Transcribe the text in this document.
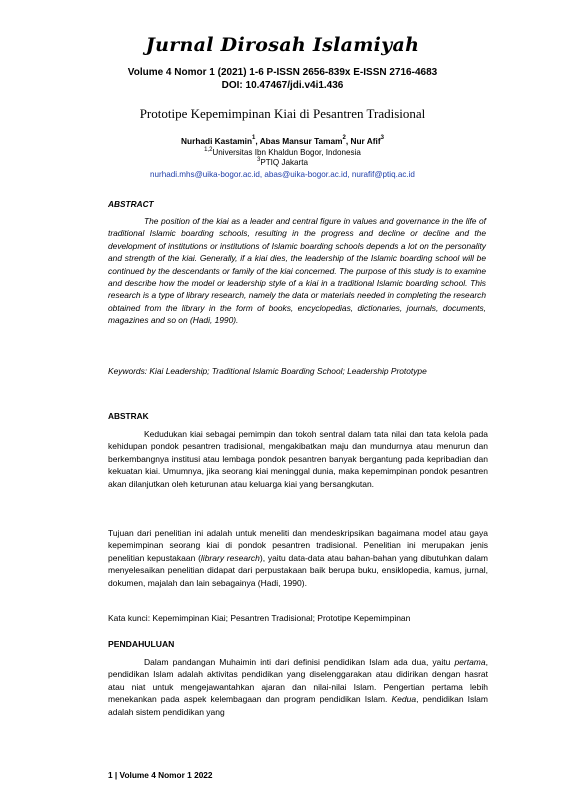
Jurnal Dirosah Islamiyah
Volume 4 Nomor 1 (2021) 1-6 P-ISSN 2656-839x E-ISSN 2716-4683
DOI: 10.47467/jdi.v4i1.436
Prototipe Kepemimpinan Kiai di Pesantren Tradisional
Nurhadi Kastamin$^1$, Abas Mansur Tamam$^2$, Nur Afif$^3$
$^{1,2}$Universitas Ibn Khaldun Bogor, Indonesia
$^3$PTIQ Jakarta
nurhadi.mhs@uika-bogor.ac.id, abas@uika-bogor.ac.id, nurafif@ptiq.ac.id
ABSTRACT
The position of the kiai as a leader and central figure in values and governance in the life of traditional Islamic boarding schools, resulting in the progress and decline or decline and the development of institutions or institutions of Islamic boarding schools depends a lot on the personality and strength of the kiai. Generally, if a kiai dies, the leadership of the Islamic boarding school will be continued by the descendants or family of the kiai concerned. The purpose of this study is to examine and describe how the model or leadership style of a kiai in a traditional Islamic boarding school. This research is a type of library research, namely the data or materials needed in completing the research obtained from the library in the form of books, encyclopedias, dictionaries, journals, documents, magazines and so on (Hadi, 1990).
Keywords: Kiai Leadership; Traditional Islamic Boarding School; Leadership Prototype
ABSTRAK
Kedudukan kiai sebagai pemimpin dan tokoh sentral dalam tata nilai dan tata kelola pada kehidupan pondok pesantren tradisional, mengakibatkan maju dan mundurnya atau menurun dan berkembangnya institusi atau lembaga pondok pesantren banyak bergantung pada kepribadian dan kekuatan kiai. Umumnya, jika seorang kiai meninggal dunia, maka kepemimpinan pondok pesantren akan dilanjutkan oleh keturunan atau keluarga kiai yang bersangkutan.
Tujuan dari penelitian ini adalah untuk meneliti dan mendeskripsikan bagaimana model atau gaya kepemimpinan seorang kiai di pondok pesantren tradisional. Penelitian ini merupakan jenis penelitian kepustakaan (library research), yaitu data-data atau bahan-bahan yang dibutuhkan dalam menyelesaikan penelitian didapat dari perpustakaan baik berupa buku, ensiklopedia, kamus, jurnal, dokumen, majalah dan lain sebagainya (Hadi, 1990).
Kata kunci: Kepemimpinan Kiai; Pesantren Tradisional; Prototipe Kepemimpinan
PENDAHULUAN
Dalam pandangan Muhaimin inti dari definisi pendidikan Islam ada dua, yaitu pertama, pendidikan Islam adalah aktivitas pendidikan yang diselenggarakan atau didirikan dengan hasrat atau niat untuk mengejawantahkan ajaran dan nilai-nilai Islam. Pengertian pertama lebih menekankan pada aspek kelembagaan dan program pendidikan Islam. Kedua, pendidikan Islam adalah sistem pendidikan yang
1 | Volume 4 Nomor 1 2022
